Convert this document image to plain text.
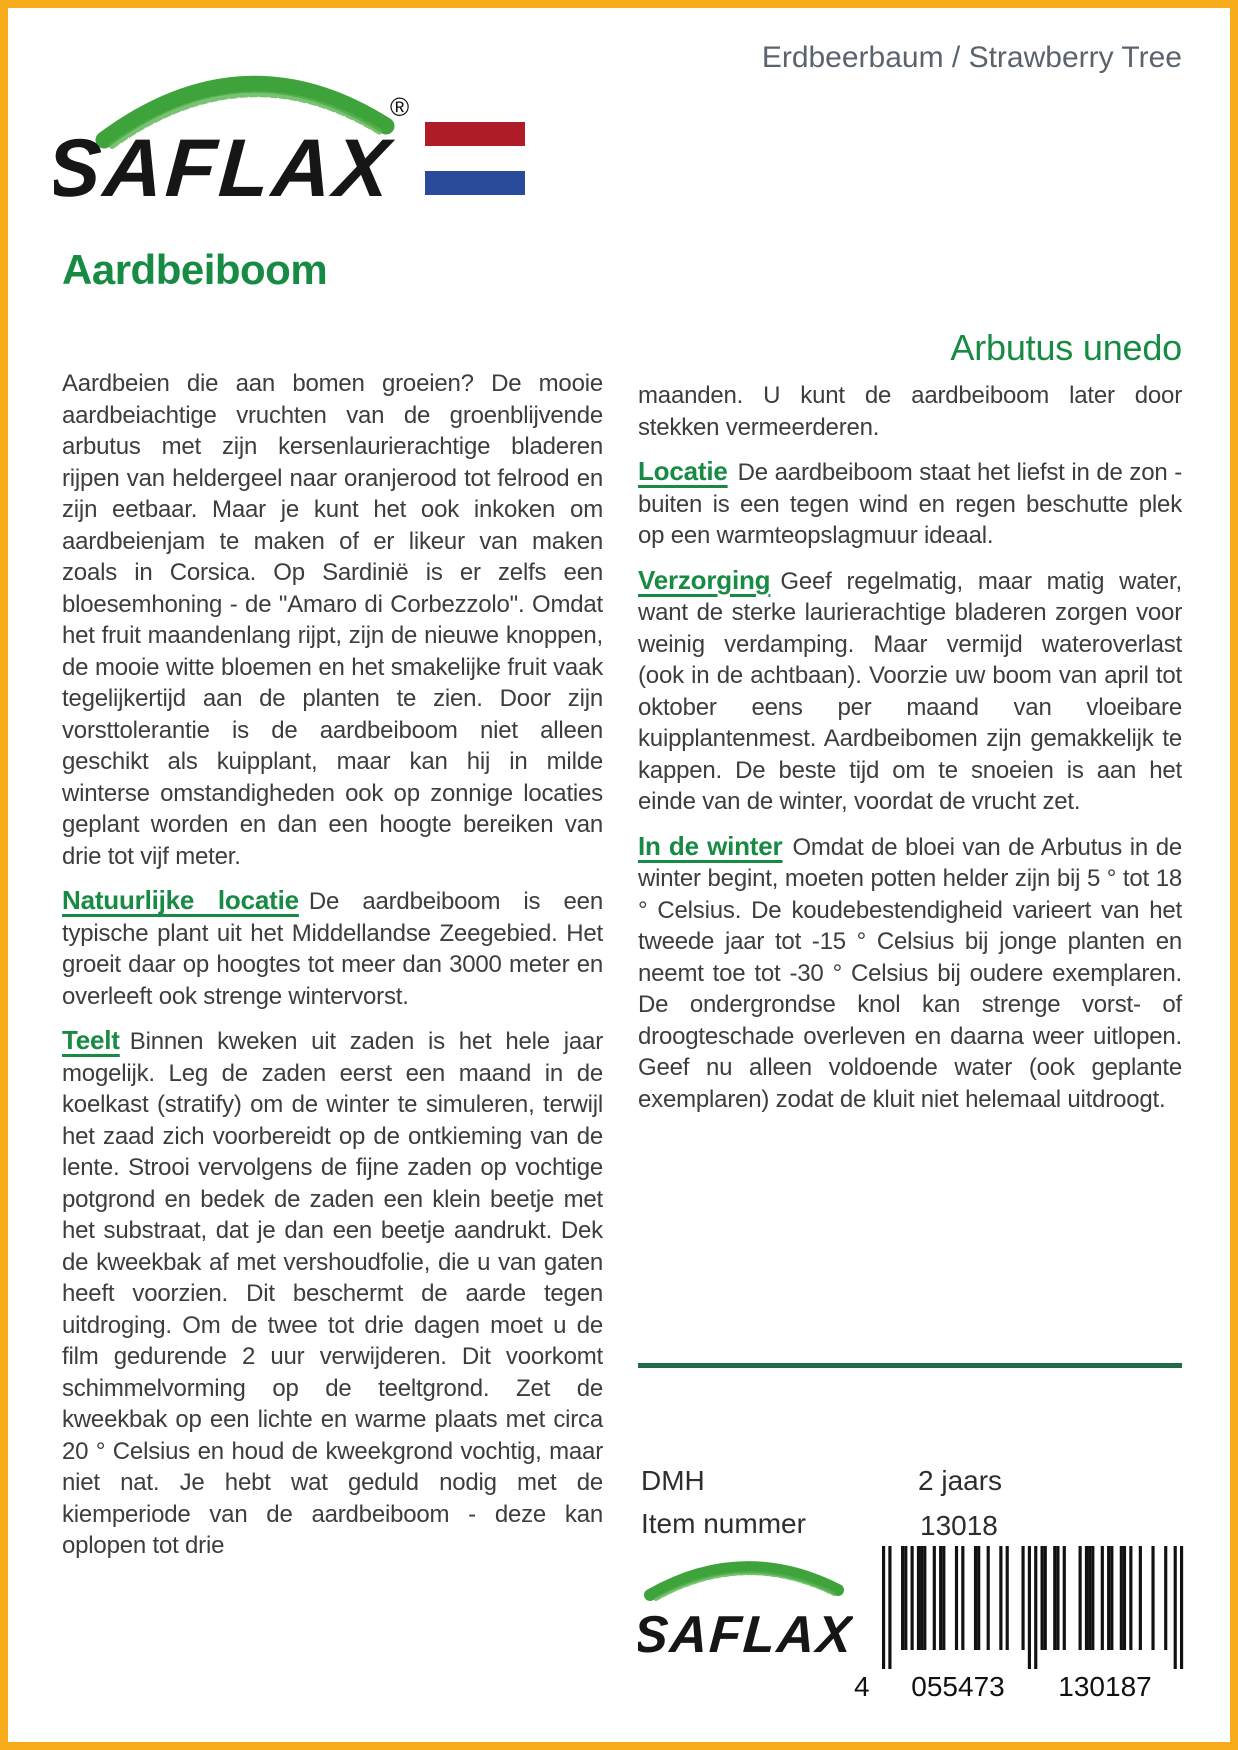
SAFLAX
®
Erdbeerbaum / Strawberry Tree
Aardbeiboom

Aardbeien die aan bomen groeien? De mooie aardbeiachtige vruchten van de groenblijvende arbutus met zijn kersenlaurierachtige bladeren rijpen van heldergeel naar oranjerood tot felrood en zijn eetbaar. Maar je kunt het ook inkoken om aardbeienjam te maken of er likeur van maken zoals in Corsica. Op Sardinië is er zelfs een bloesemhoning - de "Amaro di Corbezzolo". Omdat het fruit maandenlang rijpt, zijn de nieuwe knoppen, de mooie witte bloemen en het smakelijke fruit vaak tegelijkertijd aan de planten te zien. Door zijn vorsttolerantie is de aardbeiboom niet alleen geschikt als kuipplant, maar kan hij in milde winterse omstandigheden ook op zonnige locaties geplant worden en dan een hoogte bereiken van drie tot vijf meter.

Natuurlijke locatie De aardbeiboom is een typische plant uit het Middellandse Zeegebied. Het groeit daar op hoogtes tot meer dan 3000 meter en overleeft ook strenge wintervorst.

Teelt Binnen kweken uit zaden is het hele jaar mogelijk. Leg de zaden eerst een maand in de koelkast (stratify) om de winter te simuleren, terwijl het zaad zich voorbereidt op de ontkieming van de lente. Strooi vervolgens de fijne zaden op vochtige potgrond en bedek de zaden een klein beetje met het substraat, dat je dan een beetje aandrukt. Dek de kweekbak af met vershoudfolie, die u van gaten heeft voorzien. Dit beschermt de aarde tegen uitdroging. Om de twee tot drie dagen moet u de film gedurende 2 uur verwijderen. Dit voorkomt schimmelvorming op de teeltgrond. Zet de kweekbak op een lichte en warme plaats met circa 20 ° Celsius en houd de kweekgrond vochtig, maar niet nat. Je hebt wat geduld nodig met de kiemperiode van de aardbeiboom - deze kan oplopen tot drie

Arbutus unedo

maanden. U kunt de aardbeiboom later door stekken vermeerderen.

Locatie De aardbeiboom staat het liefst in de zon - buiten is een tegen wind en regen beschutte plek op een warmteopslagmuur ideaal.

Verzorging Geef regelmatig, maar matig water, want de sterke laurierachtige bladeren zorgen voor weinig verdamping. Maar vermijd wateroverlast (ook in de achtbaan). Voorzie uw boom van april tot oktober eens per maand van vloeibare kuipplantenmest. Aardbeibomen zijn gemakkelijk te kappen. De beste tijd om te snoeien is aan het einde van de winter, voordat de vrucht zet.

In de winter Omdat de bloei van de Arbutus in de winter begint, moeten potten helder zijn bij 5 ° tot 18 ° Celsius. De koudebestendigheid varieert van het tweede jaar tot -15 ° Celsius bij jonge planten en neemt toe tot -30 ° Celsius bij oudere exemplaren. De ondergrondse knol kan strenge vorst- of droogteschade overleven en daarna weer uitlopen. Geef nu alleen voldoende water (ook geplante exemplaren) zodat de kluit niet helemaal uitdroogt.

DMH	2 jaars
Item nummer	13018
SAFLAX
4 055473 130187
